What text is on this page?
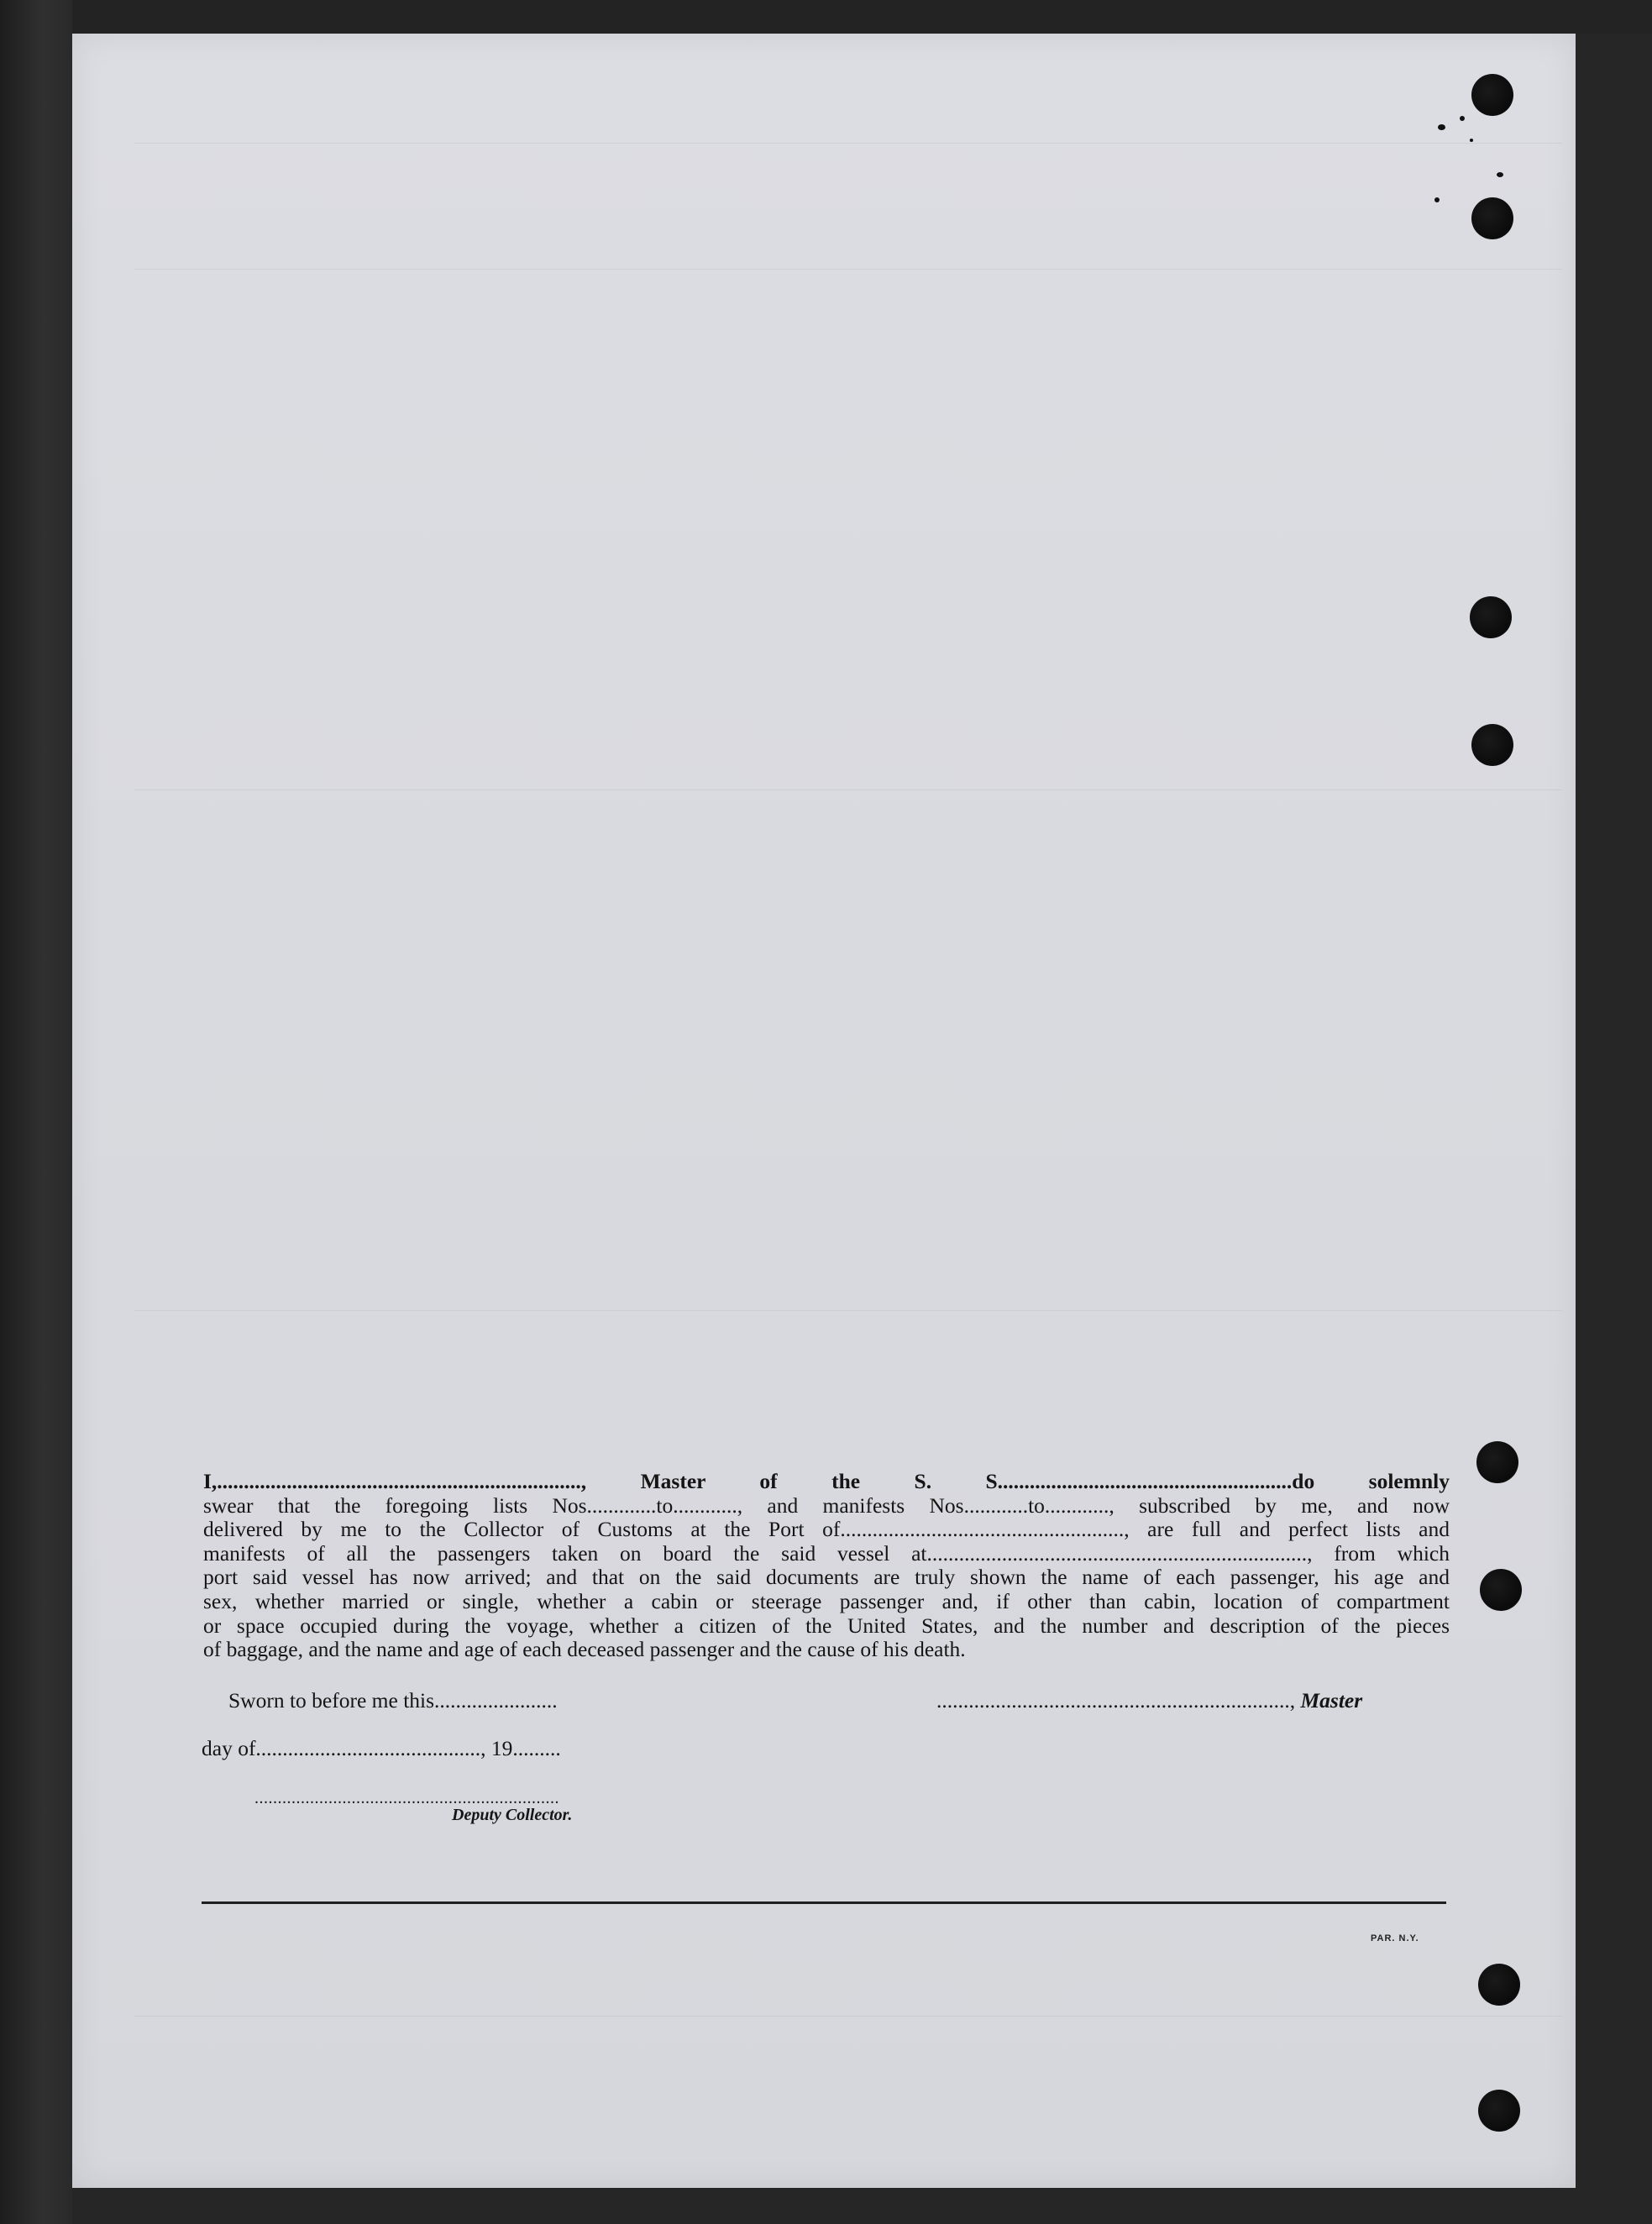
I,...................................................................., Master of the S. S.......................................................do solemnly
swear that the foregoing lists Nos.............to............, and manifests Nos............to............, subscribed by me, and now
delivered by me to the Collector of Customs at the Port of....................................................., are full and perfect lists and
manifests of all the passengers taken on board the said vessel at......................................................................., from which
port said vessel has now arrived; and that on the said documents are truly shown the name of each passenger, his age and
sex, whether married or single, whether a cabin or steerage passenger and, if other than cabin, location of compartment
or space occupied during the voyage, whether a citizen of the United States, and the number and description of the pieces
of baggage, and the name and age of each deceased passenger and the cause of his death.
Sworn to before me this.......................	.................................................................., Master
day of.........................................., 19.........
..................................................................
Deputy Collector.
PAR. N.Y.
